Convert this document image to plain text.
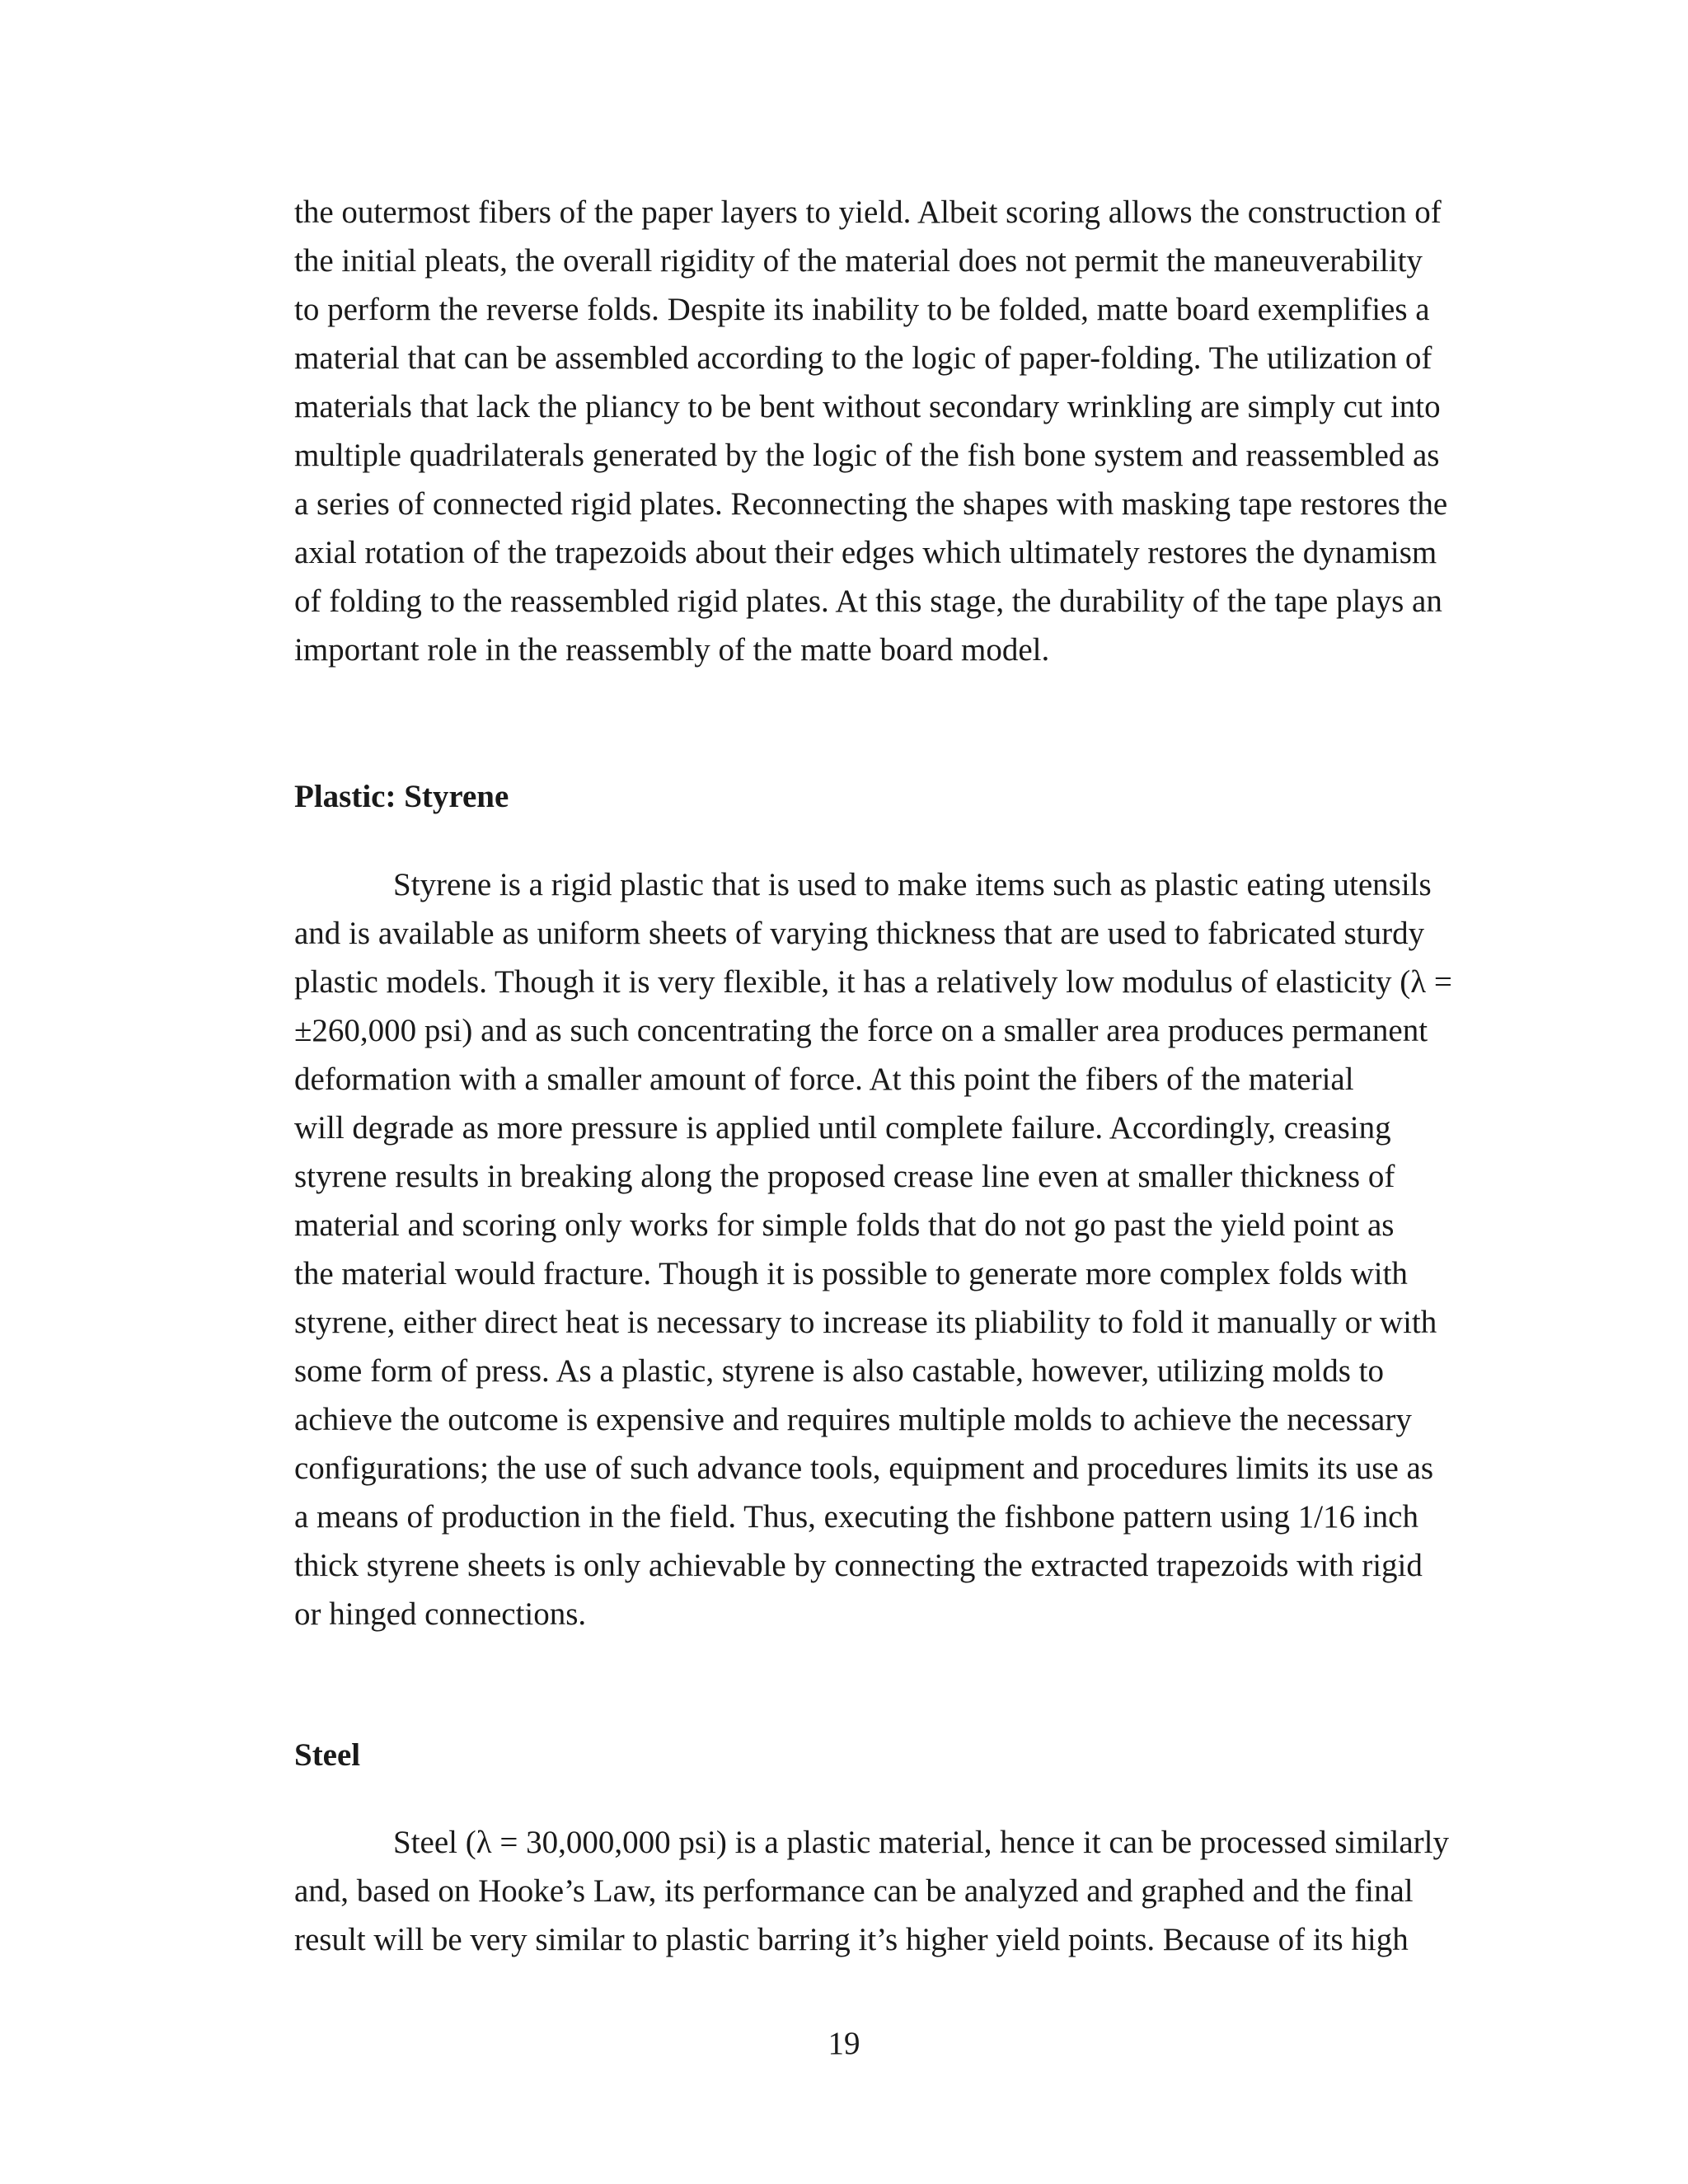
the outermost fibers of the paper layers to yield. Albeit scoring allows the construction of
the initial pleats, the overall rigidity of the material does not permit the maneuverability
to perform the reverse folds. Despite its inability to be folded, matte board exemplifies a
material that can be assembled according to the logic of paper-folding. The utilization of
materials that lack the pliancy to be bent without secondary wrinkling are simply cut into
multiple quadrilaterals generated by the logic of the fish bone system and reassembled as
a series of connected rigid plates. Reconnecting the shapes with masking tape restores the
axial rotation of the trapezoids about their edges which ultimately restores the dynamism
of folding to the reassembled rigid plates. At this stage, the durability of the tape plays an
important role in the reassembly of the matte board model.
Plastic: Styrene
Styrene is a rigid plastic that is used to make items such as plastic eating utensils
and is available as uniform sheets of varying thickness that are used to fabricated sturdy
plastic models. Though it is very flexible, it has a relatively low modulus of elasticity (λ =
±260,000 psi) and as such concentrating the force on a smaller area produces permanent
deformation with a smaller amount of force. At this point the fibers of the material
will degrade as more pressure is applied until complete failure. Accordingly, creasing
styrene results in breaking along the proposed crease line even at smaller thickness of
material and scoring only works for simple folds that do not go past the yield point as
the material would fracture. Though it is possible to generate more complex folds with
styrene, either direct heat is necessary to increase its pliability to fold it manually or with
some form of press. As a plastic, styrene is also castable, however, utilizing molds to
achieve the outcome is expensive and requires multiple molds to achieve the necessary
configurations; the use of such advance tools, equipment and procedures limits its use as
a means of production in the field. Thus, executing the fishbone pattern using 1/16 inch
thick styrene sheets is only achievable by connecting the extracted trapezoids with rigid
or hinged connections.
Steel
Steel (λ = 30,000,000 psi) is a plastic material, hence it can be processed similarly
and, based on Hooke’s Law, its performance can be analyzed and graphed and the final
result will be very similar to plastic barring it’s higher yield points. Because of its high
19
